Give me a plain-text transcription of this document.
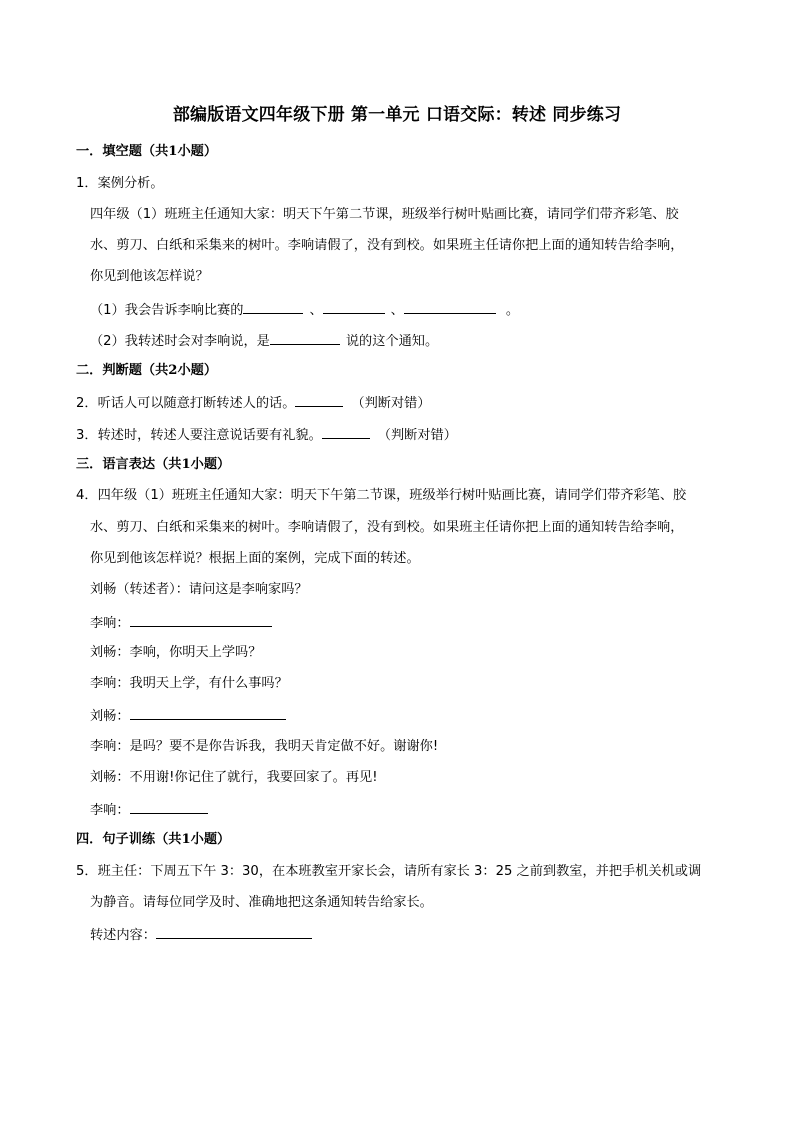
部编版语文四年级下册 第一单元 口语交际：转述 同步练习
一．填空题（共1小题）
1．案例分析。
四年级（1）班班主任通知大家：明天下午第二节课，班级举行树叶贴画比赛，请同学们带齐彩笔、胶
水、剪刀、白纸和采集来的树叶。李响请假了，没有到校。如果班主任请你把上面的通知转告给李响，
你见到他该怎样说？
（1）我会告诉李响比赛的	、	、	。
（2）我转述时会对李响说，是	说的这个通知。
二．判断题（共2小题）
2．听话人可以随意打断转述人的话。	（判断对错）
3．转述时，转述人要注意说话要有礼貌。	（判断对错）
三．语言表达（共1小题）
4．四年级（1）班班主任通知大家：明天下午第二节课，班级举行树叶贴画比赛，请同学们带齐彩笔、胶
水、剪刀、白纸和采集来的树叶。李响请假了，没有到校。如果班主任请你把上面的通知转告给李响，
你见到他该怎样说？根据上面的案例，完成下面的转述。
刘畅（转述者）：请问这是李响家吗？
李响：
刘畅：李响，你明天上学吗？
李响：我明天上学，有什么事吗？
刘畅：
李响：是吗？要不是你告诉我，我明天肯定做不好。谢谢你!
刘畅：不用谢!你记住了就行，我要回家了。再见!
李响：
四．句子训练（共1小题）
5．班主任：下周五下午 3：30，在本班教室开家长会，请所有家长 3：25 之前到教室，并把手机关机或调
为静音。请每位同学及时、准确地把这条通知转告给家长。
转述内容：
